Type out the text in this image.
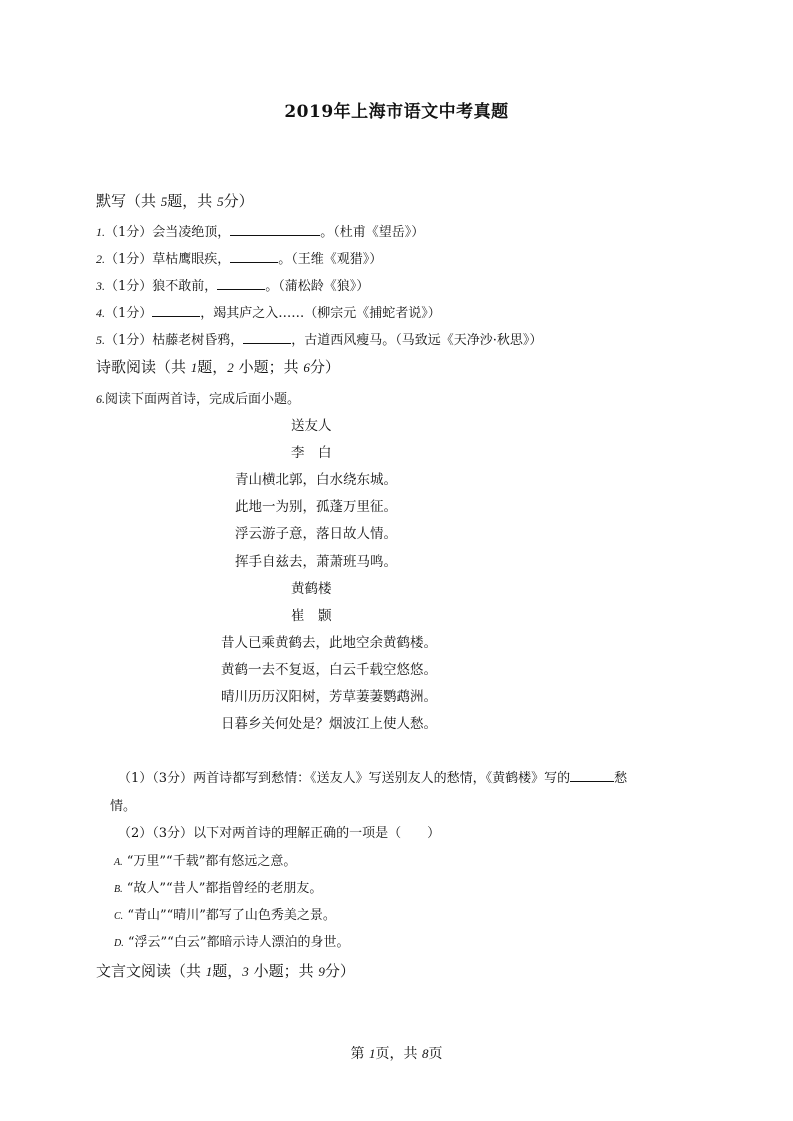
2019年上海市语文中考真题
默写（共 5题，共 5分）
1.（1分）会当凌绝顶，	。（杜甫《望岳》）
2.（1分）草枯鹰眼疾，	。（王维《观猎》）
3.（1分）狼不敢前，	。（蒲松龄《狼》）
4.（1分）	，竭其庐之入……（柳宗元《捕蛇者说》）
5.（1分）枯藤老树昏鸦，	，古道西风瘦马。（马致远《天净沙·秋思》）
诗歌阅读（共 1题，2 小题；共 6分）
6.阅读下面两首诗，完成后面小题。
送友人
李　白
青山横北郭，白水绕东城。
此地一为别，孤蓬万里征。
浮云游子意，落日故人情。
挥手自兹去，萧萧班马鸣。
黄鹤楼
崔　颢
昔人已乘黄鹤去，此地空余黄鹤楼。
黄鹤一去不复返，白云千载空悠悠。
晴川历历汉阳树，芳草萋萋鹦鹉洲。
日暮乡关何处是？烟波江上使人愁。
（1）（3分）两首诗都写到愁情：《送友人》写送别友人的愁情，《黄鹤楼》写的	愁
情。
（2）（3分）以下对两首诗的理解正确的一项是（　　）
A. “万里”“千载”都有悠远之意。
B. “故人”“昔人”都指曾经的老朋友。
C. “青山”“晴川”都写了山色秀美之景。
D. “浮云”“白云”都暗示诗人漂泊的身世。
文言文阅读（共 1题，3 小题；共 9分）
第 1页，共 8页
